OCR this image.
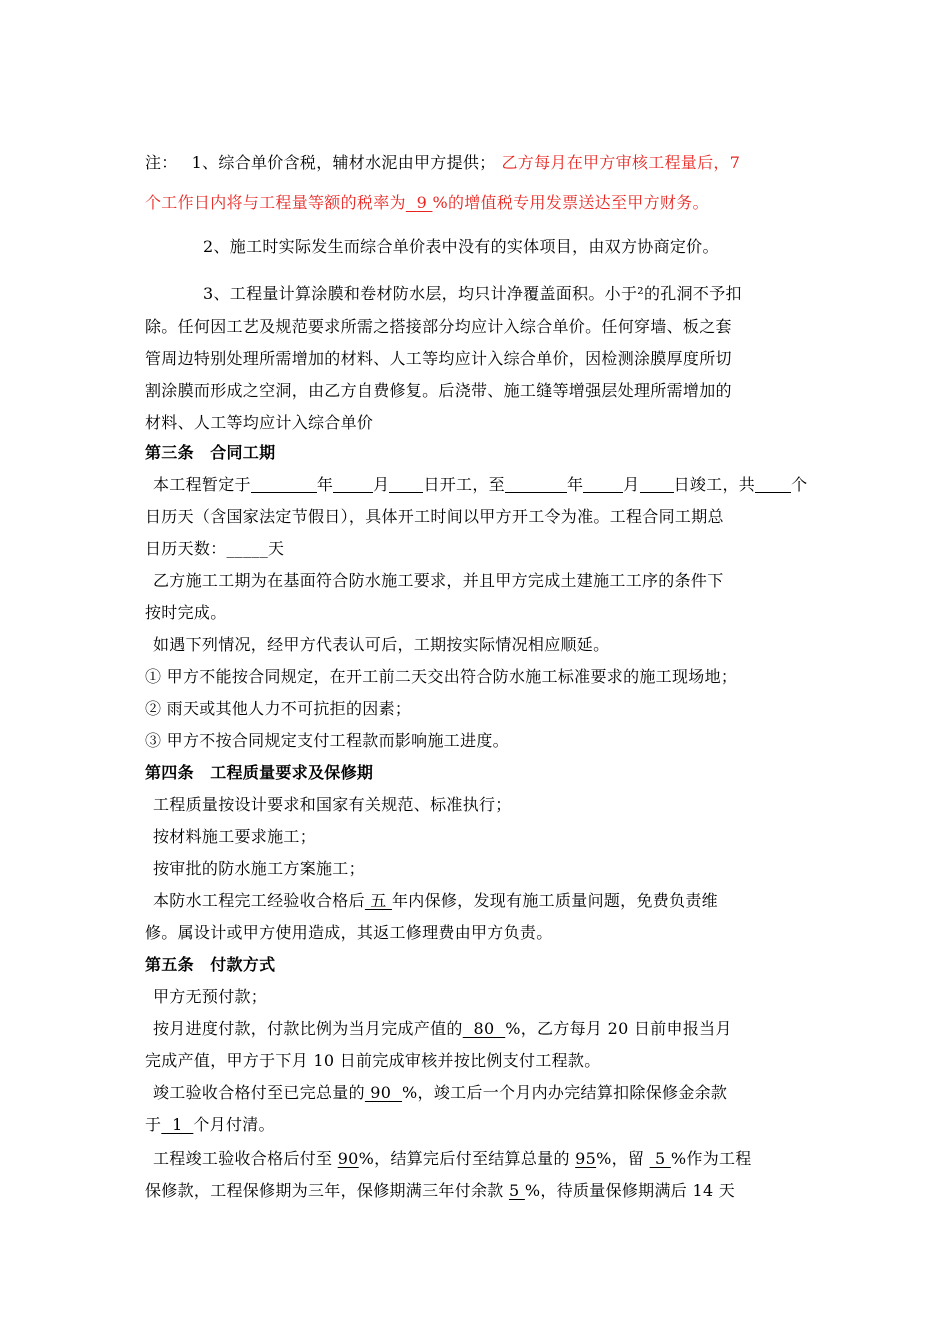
注： 1、综合单价含税，辅材水泥由甲方提供； 乙方每月在甲方审核工程量后，7
个工作日内将与工程量等额的税率为 9 %的增值税专用发票送达至甲方财务。
2、施工时实际发生而综合单价表中没有的实体项目，由双方协商定价。
3、工程量计算涂膜和卷材防水层，均只计净覆盖面积。小于²的孔洞不予扣
除。任何因工艺及规范要求所需之搭接部分均应计入综合单价。任何穿墙、板之套
管周边特别处理所需增加的材料、人工等均应计入综合单价，因检测涂膜厚度所切
割涂膜而形成之空洞，由乙方自费修复。后浇带、施工缝等增强层处理所需增加的
材料、人工等均应计入综合单价
第三条　合同工期
本工程暂定于	年	月 日开工，至	年	月 日竣工，共 个
日历天（含国家法定节假日），具体开工时间以甲方开工令为准。工程合同工期总
日历天数：_____天
乙方施工工期为在基面符合防水施工要求，并且甲方完成土建施工工序的条件下
按时完成。
如遇下列情况，经甲方代表认可后，工期按实际情况相应顺延。
① 甲方不能按合同规定，在开工前二天交出符合防水施工标准要求的施工现场地；
② 雨天或其他人力不可抗拒的因素；
③ 甲方不按合同规定支付工程款而影响施工进度。
第四条　工程质量要求及保修期
工程质量按设计要求和国家有关规范、标准执行；
按材料施工要求施工；
按审批的防水施工方案施工；
本防水工程完工经验收合格后 五 年内保修，发现有施工质量问题，免费负责维
修。属设计或甲方使用造成，其返工修理费由甲方负责。
第五条　付款方式
甲方无预付款；
按月进度付款，付款比例为当月完成产值的  80  %，乙方每月 20 日前申报当月
完成产值，甲方于下月 10 日前完成审核并按比例支付工程款。
竣工验收合格付至已完总量的 90  %，竣工后一个月内办完结算扣除保修金余款
于  1  个月付清。
工程竣工验收合格后付至 90%，结算完后付至结算总量的 95%，留  5 %作为工程
保修款，工程保修期为三年，保修期满三年付余款 5 %，待质量保修期满后 14 天
